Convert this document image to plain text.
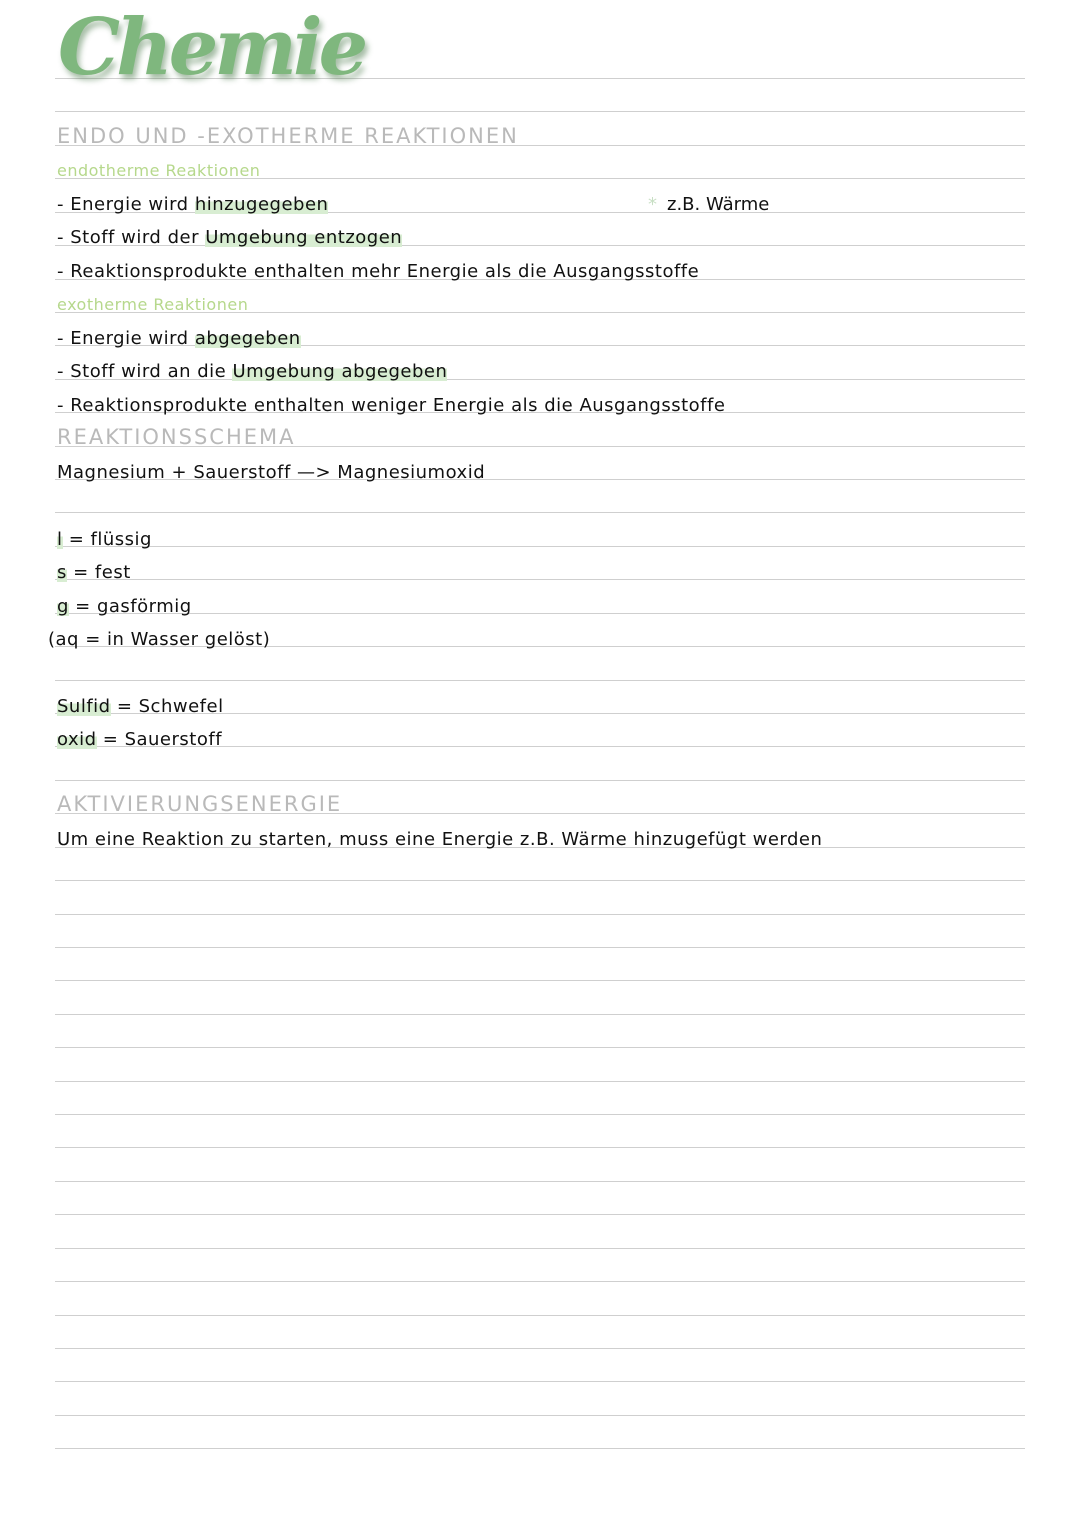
Chemie
ENDO UND -EXOTHERME REAKTIONEN
endotherme Reaktionen
- Energie wird hinzugegeben	* z.B. Wärme
- Stoff wird der Umgebung entzogen
- Reaktionsprodukte enthalten mehr Energie als die Ausgangsstoffe
exotherme Reaktionen
- Energie wird abgegeben
- Stoff wird an die Umgebung abgegeben
- Reaktionsprodukte enthalten weniger Energie als die Ausgangsstoffe
REAKTIONSSCHEMA
Magnesium + Sauerstoff —> Magnesiumoxid
l = flüssig
s = fest
g = gasförmig
(aq = in Wasser gelöst)
Sulfid = Schwefel
oxid = Sauerstoff
AKTIVIERUNGSENERGIE
Um eine Reaktion zu starten, muss eine Energie z.B. Wärme hinzugefügt werden
